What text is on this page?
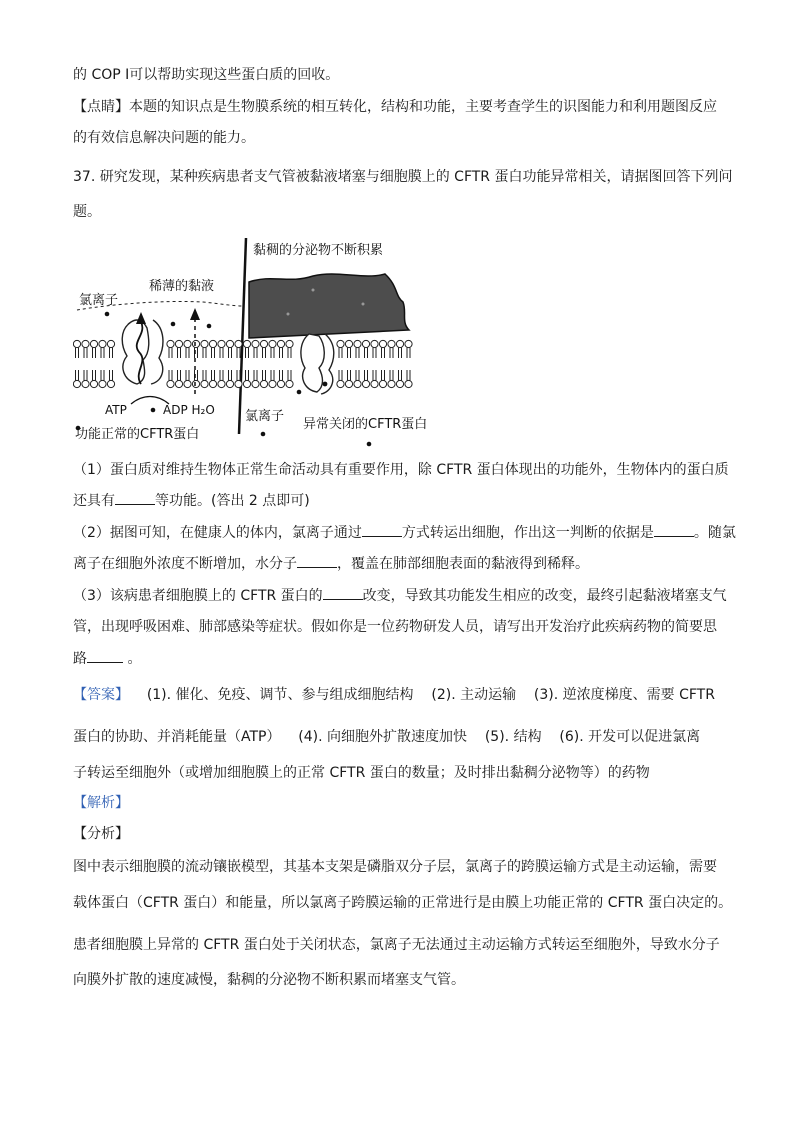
的 COP Ⅰ可以帮助实现这些蛋白质的回收。
【点睛】本题的知识点是生物膜系统的相互转化，结构和功能，主要考查学生的识图能力和利用题图反应
的有效信息解决问题的能力。
37. 研究发现，某种疾病患者支气管被黏液堵塞与细胞膜上的 CFTR 蛋白功能异常相关，请据图回答下列问
题。
黏稠的分泌物不断积累
稀薄的黏液
氯离子
ATP	ADP H₂O
功能正常的CFTR蛋白
氯离子
异常关闭的CFTR蛋白
（1）蛋白质对维持生物体正常生命活动具有重要作用，除 CFTR 蛋白体现出的功能外，生物体内的蛋白质
还具有	等功能。(答出 2 点即可)
（2）据图可知，在健康人的体内，氯离子通过	方式转运出细胞，作出这一判断的依据是	。随氯
离子在细胞外浓度不断增加，水分子	，覆盖在肺部细胞表面的黏液得到稀释。
（3）该病患者细胞膜上的 CFTR 蛋白的	改变，导致其功能发生相应的改变，最终引起黏液堵塞支气
管，出现呼吸困难、肺部感染等症状。假如你是一位药物研发人员，请写出开发治疗此疾病药物的简要思
路	。
【答案】 (1). 催化、免疫、调节、参与组成细胞结构 (2). 主动运输 (3). 逆浓度梯度、需要 CFTR
蛋白的协助、并消耗能量（ATP） (4). 向细胞外扩散速度加快 (5). 结构 (6). 开发可以促进氯离
子转运至细胞外（或增加细胞膜上的正常 CFTR 蛋白的数量；及时排出黏稠分泌物等）的药物
【解析】
【分析】
图中表示细胞膜的流动镶嵌模型，其基本支架是磷脂双分子层，氯离子的跨膜运输方式是主动运输，需要
载体蛋白（CFTR 蛋白）和能量，所以氯离子跨膜运输的正常进行是由膜上功能正常的 CFTR 蛋白决定的。
患者细胞膜上异常的 CFTR 蛋白处于关闭状态，氯离子无法通过主动运输方式转运至细胞外，导致水分子
向膜外扩散的速度减慢，黏稠的分泌物不断积累而堵塞支气管。
